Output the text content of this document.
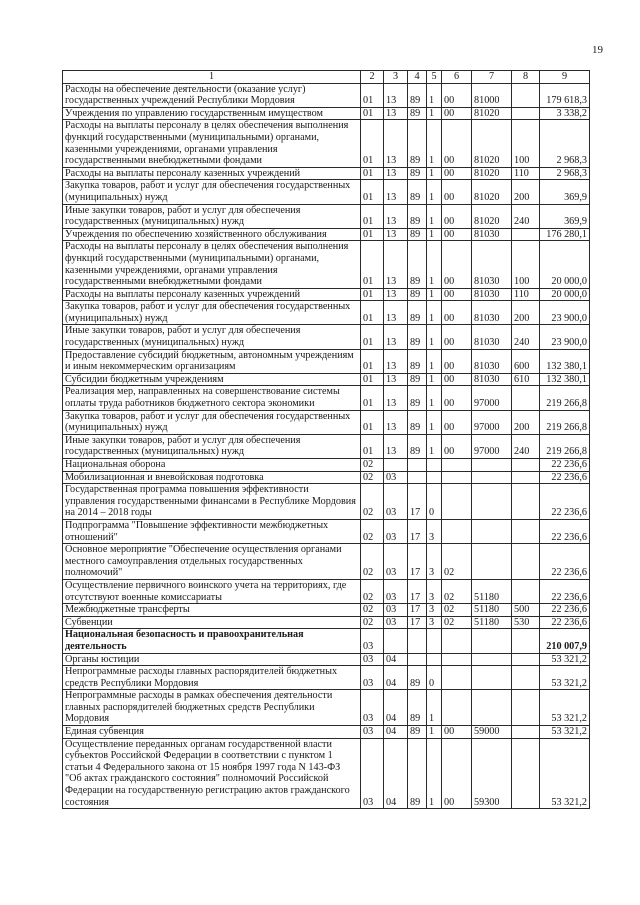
19
1	2	3	4	5	6	7	8	9
Расходы на обеспечение деятельности (оказание услуг) государственных учреждений Республики Мордовия	01	13	89	1	00	81000		179 618,3
Учреждения по управлению государственным имуществом	01	13	89	1	00	81020		3 338,2
Расходы на выплаты персоналу в целях обеспечения выполнения функций государственными (муниципальными) органами, казенными учреждениями, органами управления государственными внебюджетными фондами	01	13	89	1	00	81020	100	2 968,3
Расходы на выплаты персоналу казенных учреждений	01	13	89	1	00	81020	110	2 968,3
Закупка товаров, работ и услуг для обеспечения государственных (муниципальных) нужд	01	13	89	1	00	81020	200	369,9
Иные закупки товаров, работ и услуг для обеспечения государственных (муниципальных) нужд	01	13	89	1	00	81020	240	369,9
Учреждения по обеспечению хозяйственного обслуживания	01	13	89	1	00	81030		176 280,1
Расходы на выплаты персоналу в целях обеспечения выполнения функций государственными (муниципальными) органами, казенными учреждениями, органами управления государственными внебюджетными фондами	01	13	89	1	00	81030	100	20 000,0
Расходы на выплаты персоналу казенных учреждений	01	13	89	1	00	81030	110	20 000,0
Закупка товаров, работ и услуг для обеспечения государственных (муниципальных) нужд	01	13	89	1	00	81030	200	23 900,0
Иные закупки товаров, работ и услуг для обеспечения государственных (муниципальных) нужд	01	13	89	1	00	81030	240	23 900,0
Предоставление субсидий бюджетным, автономным учреждениям и иным некоммерческим организациям	01	13	89	1	00	81030	600	132 380,1
Субсидии бюджетным учреждениям	01	13	89	1	00	81030	610	132 380,1
Реализация мер, направленных на совершенствование системы оплаты труда работников бюджетного сектора экономики	01	13	89	1	00	97000		219 266,8
Закупка товаров, работ и услуг для обеспечения государственных (муниципальных) нужд	01	13	89	1	00	97000	200	219 266,8
Иные закупки товаров, работ и услуг для обеспечения государственных (муниципальных) нужд	01	13	89	1	00	97000	240	219 266,8
Национальная оборона	02							22 236,6
Мобилизационная и вневойсковая подготовка	02	03						22 236,6
Государственная программа повышения эффективности управления государственными финансами в Республике Мордовия на 2014 – 2018 годы	02	03	17	0				22 236,6
Подпрограмма "Повышение эффективности межбюджетных отношений"	02	03	17	3				22 236,6
Основное мероприятие "Обеспечение осуществления органами местного самоуправления отдельных государственных полномочий"	02	03	17	3	02			22 236,6
Осуществление первичного воинского учета на территориях, где отсутствуют военные комиссариаты	02	03	17	3	02	51180		22 236,6
Межбюджетные трансферты	02	03	17	3	02	51180	500	22 236,6
Субвенции	02	03	17	3	02	51180	530	22 236,6
Национальная безопасность и правоохранительная деятельность	03							210 007,9
Органы юстиции	03	04						53 321,2
Непрограммные расходы главных распорядителей бюджетных средств Республики Мордовия	03	04	89	0				53 321,2
Непрограммные расходы в рамках обеспечения деятельности главных распорядителей бюджетных средств Республики Мордовия	03	04	89	1				53 321,2
Единая субвенция	03	04	89	1	00	59000		53 321,2
Осуществление переданных органам государственной власти субъектов Российской Федерации в соответствии с пунктом 1 статьи 4 Федерального закона от 15 ноября 1997 года N 143-ФЗ "Об актах гражданского состояния" полномочий Российской Федерации на государственную регистрацию актов гражданского состояния	03	04	89	1	00	59300		53 321,2
